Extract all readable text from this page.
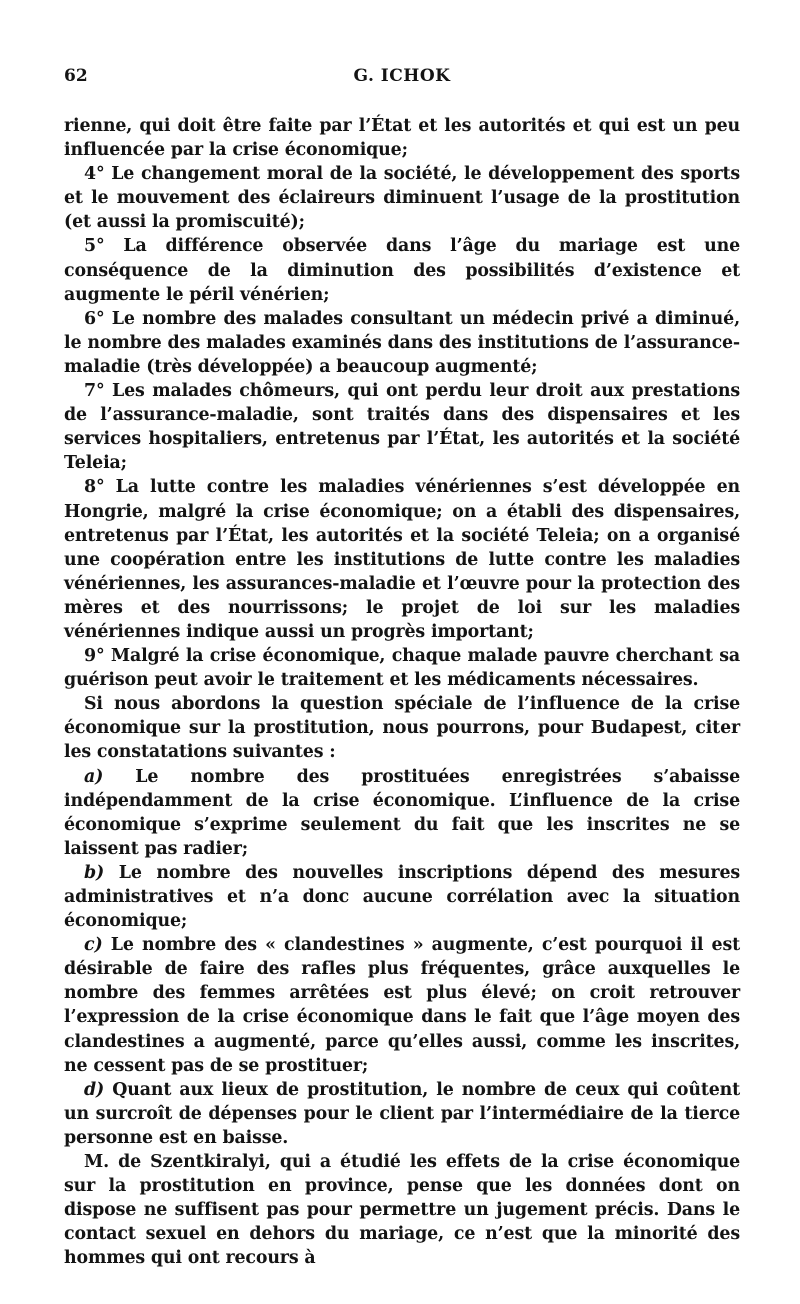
62	G. ICHOK

rienne, qui doit être faite par l’État et les autorités et qui est un peu influencée par la crise économique;

4° Le changement moral de la société, le développement des sports et le mouvement des éclaireurs diminuent l’usage de la prostitution (et aussi la promiscuité);

5° La différence observée dans l’âge du mariage est une conséquence de la diminution des possibilités d’existence et augmente le péril vénérien;

6° Le nombre des malades consultant un médecin privé a diminué, le nombre des malades examinés dans des institutions de l’assurance-maladie (très développée) a beaucoup augmenté;

7° Les malades chômeurs, qui ont perdu leur droit aux prestations de l’assurance-maladie, sont traités dans des dispensaires et les services hospitaliers, entretenus par l’État, les autorités et la société Teleia;

8° La lutte contre les maladies vénériennes s’est développée en Hongrie, malgré la crise économique; on a établi des dispensaires, entretenus par l’État, les autorités et la société Teleia; on a organisé une coopération entre les institutions de lutte contre les maladies vénériennes, les assurances-maladie et l’œuvre pour la protection des mères et des nourrissons; le projet de loi sur les maladies vénériennes indique aussi un progrès important;

9° Malgré la crise économique, chaque malade pauvre cherchant sa guérison peut avoir le traitement et les médicaments nécessaires.

Si nous abordons la question spéciale de l’influence de la crise économique sur la prostitution, nous pourrons, pour Budapest, citer les constatations suivantes :

a) Le nombre des prostituées enregistrées s’abaisse indépendamment de la crise économique. L’influence de la crise économique s’exprime seulement du fait que les inscrites ne se laissent pas radier;

b) Le nombre des nouvelles inscriptions dépend des mesures administratives et n’a donc aucune corrélation avec la situation économique;

c) Le nombre des « clandestines » augmente, c’est pourquoi il est désirable de faire des rafles plus fréquentes, grâce auxquelles le nombre des femmes arrêtées est plus élevé; on croit retrouver l’expression de la crise économique dans le fait que l’âge moyen des clandestines a augmenté, parce qu’elles aussi, comme les inscrites, ne cessent pas de se prostituer;

d) Quant aux lieux de prostitution, le nombre de ceux qui coûtent un surcroît de dépenses pour le client par l’intermédiaire de la tierce personne est en baisse.

M. de Szentkiralyi, qui a étudié les effets de la crise économique sur la prostitution en province, pense que les données dont on dispose ne suffisent pas pour permettre un jugement précis. Dans le contact sexuel en dehors du mariage, ce n’est que la minorité des hommes qui ont recours à
